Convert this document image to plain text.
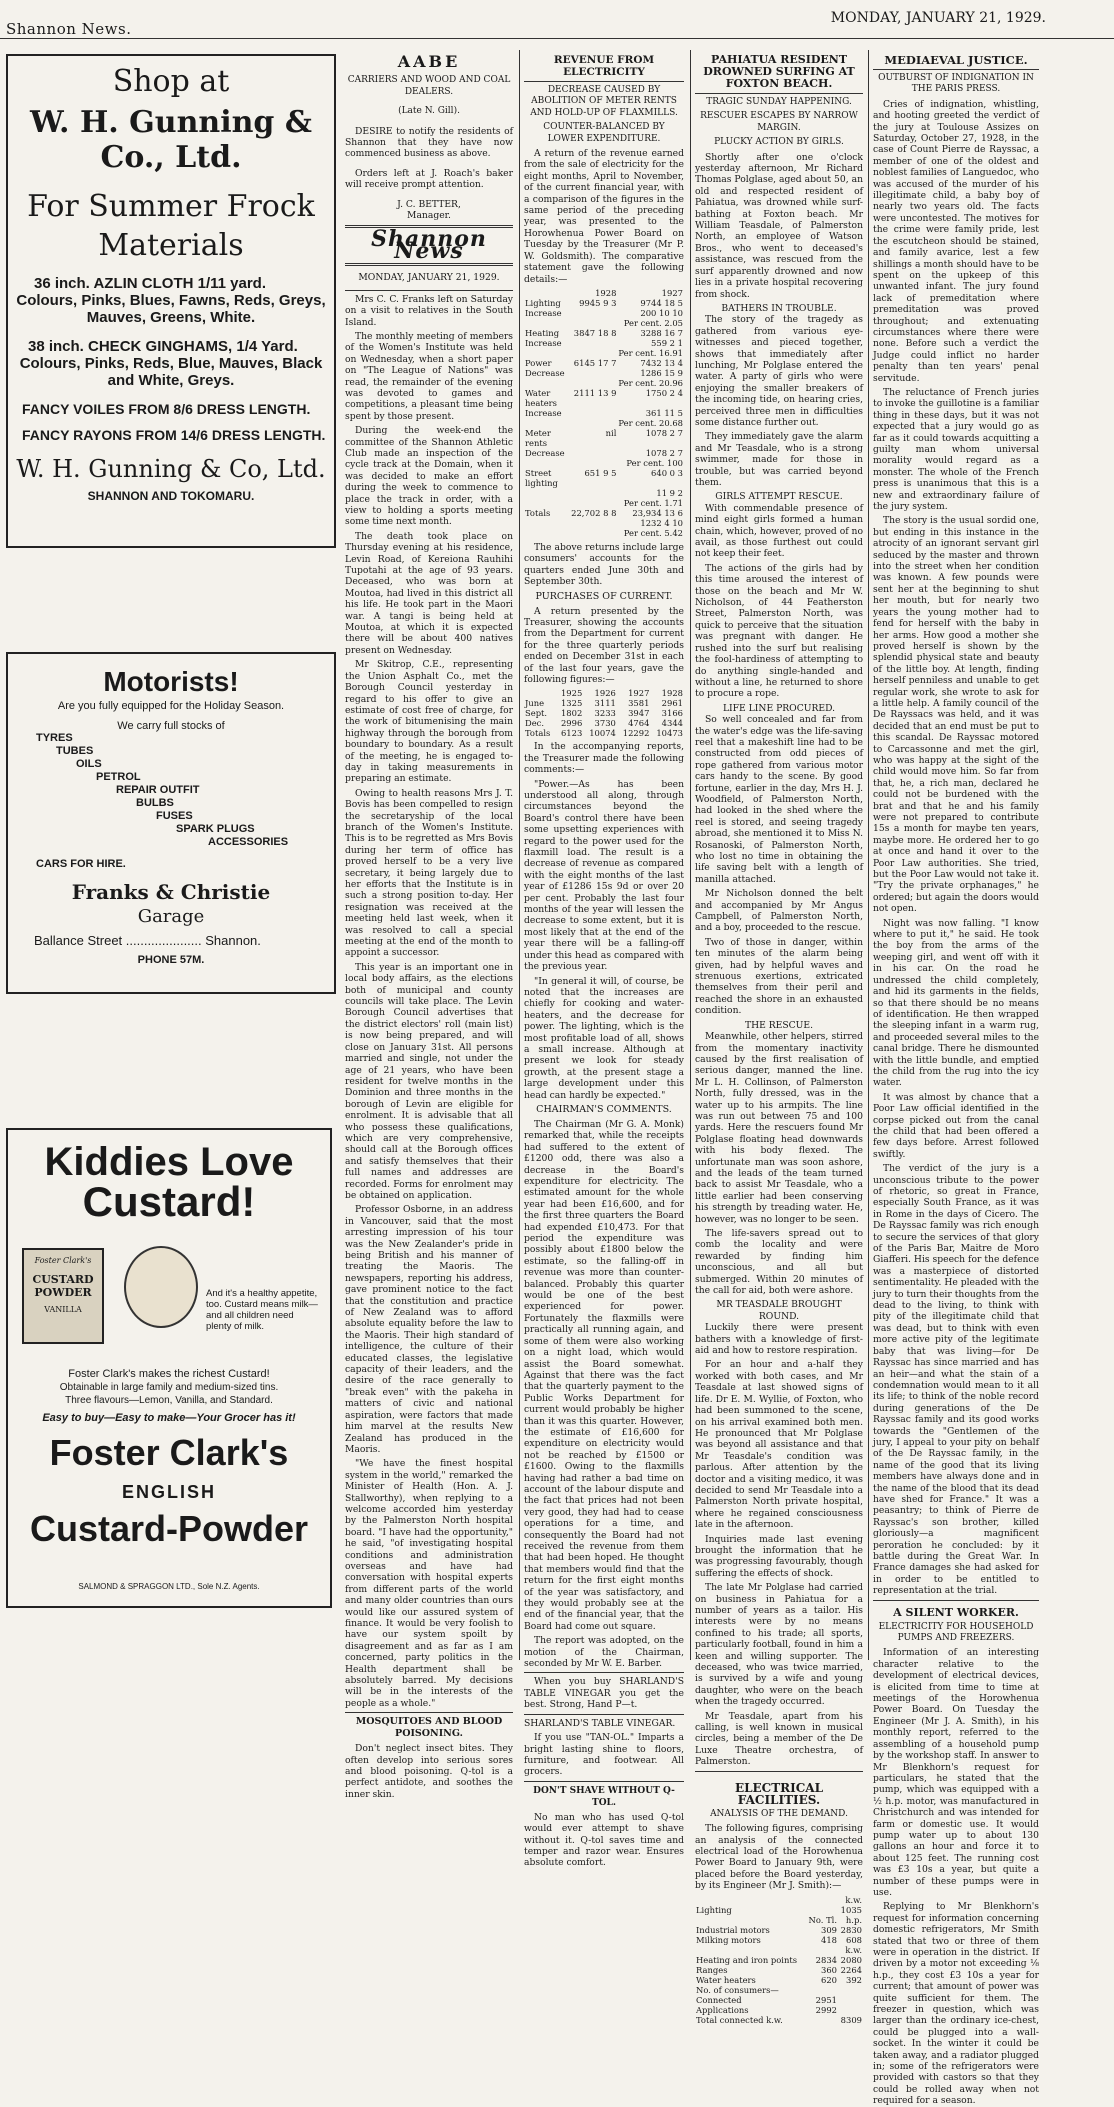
Shannon News.
MONDAY, JANUARY 21, 1929.
Shop at
W. H. Gunning & Co., Ltd.
For Summer Frock
Materials
36 inch. AZLIN CLOTH 1/11 yard.
Colours, Pinks, Blues, Fawns, Reds, Greys,
Mauves, Greens, White.
38 inch. CHECK GINGHAMS, 1/4 Yard.
Colours, Pinks, Reds, Blue, Mauves, Black
and White, Greys.
FANCY VOILES FROM 8/6 DRESS LENGTH.
FANCY RAYONS FROM 14/6 DRESS LENGTH.
W. H. Gunning & Co, Ltd.
SHANNON AND TOKOMARU.
Motorists!
Are you fully equipped for the Holiday Season.
We carry full stocks of
TYRES
TUBES
OILS
PETROL
REPAIR OUTFIT
BULBS
FUSES
SPARK PLUGS
ACCESSORIES
CARS FOR HIRE.
Franks & Christie
Garage
Ballance Street ..................... Shannon.
PHONE 57M.
Kiddies Love
Custard!
Foster Clark's
CUSTARD
POWDER
VANILLA
And it's a healthy appetite, too. Custard means milk—and all children need plenty of milk.
Foster Clark's makes the richest Custard!
Obtainable in large family and medium-sized tins.
Three flavours—Lemon, Vanilla, and Standard.
Easy to buy—Easy to make—Your Grocer has it!
Foster Clark's
ENGLISH
Custard-Powder
SALMOND & SPRAGGON LTD., Sole N.Z. Agents.
AABE
CARRIERS AND WOOD AND COAL DEALERS.
(Late N. Gill).

DESIRE to notify the residents of Shannon that they have now commenced business as above.

Orders left at J. Roach's baker will receive prompt attention.

J. C. BETTER,
Manager.
Shannon News
MONDAY, JANUARY 21, 1929.

Mrs C. C. Franks left on Saturday on a visit to relatives in the South Island.

The monthly meeting of members of the Women's Institute was held on Wednesday, when a short paper on "The League of Nations" was read, the remainder of the evening was devoted to games and competitions, a pleasant time being spent by those present.

During the week-end the committee of the Shannon Athletic Club made an inspection of the cycle track at the Domain, when it was decided to make an effort during the week to commence to place the track in order, with a view to holding a sports meeting some time next month.

The death took place on Thursday evening at his residence, Levin Road, of Kereiona Rauhihi Tupotahi at the age of 93 years. Deceased, who was born at Moutoa, had lived in this district all his life. He took part in the Maori war. A tangi is being held at Moutoa, at which it is expected there will be about 400 natives present on Wednesday.

Mr Skitrop, C.E., representing the Union Asphalt Co., met the Borough Council yesterday in regard to his offer to give an estimate of cost free of charge, for the work of bitumenising the main highway through the borough from boundary to boundary. As a result of the meeting, he is engaged to-day in taking measurements in preparing an estimate.

Owing to health reasons Mrs J. T. Bovis has been compelled to resign the secretaryship of the local branch of the Women's Institute. This is to be regretted as Mrs Bovis during her term of office has proved herself to be a very live secretary, it being largely due to her efforts that the Institute is in such a strong position to-day. Her resignation was received at the meeting held last week, when it was resolved to call a special meeting at the end of the month to appoint a successor.

This year is an important one in local body affairs, as the elections both of municipal and county councils will take place. The Levin Borough Council advertises that the district electors' roll (main list) is now being prepared, and will close on January 31st. All persons married and single, not under the age of 21 years, who have been resident for twelve months in the Dominion and three months in the borough of Levin are eligible for enrolment. It is advisable that all who possess these qualifications, which are very comprehensive, should call at the Borough offices and satisfy themselves that their full names and addresses are recorded. Forms for enrolment may be obtained on application.

Professor Osborne, in an address in Vancouver, said that the most arresting impression of his tour was the New Zealander's pride in being British and his manner of treating the Maoris. The newspapers, reporting his address, gave prominent notice to the fact that the constitution and practice of New Zealand was to afford absolute equality before the law to the Maoris. Their high standard of intelligence, the culture of their educated classes, the legislative capacity of their leaders, and the desire of the race generally to "break even" with the pakeha in matters of civic and national aspiration, were factors that made him marvel at the results New Zealand has produced in the Maoris.

"We have the finest hospital system in the world," remarked the Minister of Health (Hon. A. J. Stallworthy), when replying to a welcome accorded him yesterday by the Palmerston North hospital board. "I have had the opportunity," he said, "of investigating hospital conditions and administration overseas and have had conversation with hospital experts from different parts of the world and many older countries than ours would like our assured system of finance. It would be very foolish to have our system spoilt by disagreement and as far as I am concerned, party politics in the Health department shall be absolutely barred. My decisions will be in the interests of the people as a whole."

MOSQUITOES AND BLOOD POISONING.

Don't neglect insect bites. They often develop into serious sores and blood poisoning. Q-tol is a perfect antidote, and soothes the inner skin.

REVENUE FROM ELECTRICITY
DECREASE CAUSED BY ABOLITION OF METER RENTS AND HOLD-UP OF FLAXMILLS.
COUNTER-BALANCED BY LOWER EXPENDITURE.

A return of the revenue earned from the sale of electricity for the eight months, April to November, of the current financial year, with a comparison of the figures in the same period of the preceding year, was presented to the Horowhenua Power Board on Tuesday by the Treasurer (Mr P. W. Goldsmith). The comparative statement gave the following details:—

	1928	1927
Lighting	9945 9 3	9744 18 5
Increase		200 10 10
		Per cent. 2.05
Heating	3847 18 8	3288 16 7
Increase		559 2 1
		Per cent. 16.91
Power	6145 17 7	7432 13 4
Decrease		1286 15 9
		Per cent. 20.96
Water heaters	2111 13 9	1750 2 4
Increase		361 11 5
		Per cent. 20.68
Meter rents	nil	1078 2 7
Decrease		1078 2 7
		Per cent. 100
Street lighting	651 9 5	640 0 3
		11 9 2
		Per cent. 1.71
Totals	22,702 8 8	23,934 13 6
		1232 4 10
		Per cent. 5.42

The above returns include large consumers' accounts for the quarters ended June 30th and September 30th.

PURCHASES OF CURRENT.

A return presented by the Treasurer, showing the accounts from the Department for current for the three quarterly periods ended on December 31st in each of the last four years, gave the following figures:—

	1925	1926	1927	1928
June	1325	3111	3581	2961
Sept.	1802	3233	3947	3166
Dec.	2996	3730	4764	4344
Totals	6123	10074	12292	10473

In the accompanying reports, the Treasurer made the following comments:—

"Power.—As has been understood all along, through circumstances beyond the Board's control there have been some upsetting experiences with regard to the power used for the flaxmill load. The result is a decrease of revenue as compared with the eight months of the last year of £1286 15s 9d or over 20 per cent. Probably the last four months of the year will lessen the decrease to some extent, but it is most likely that at the end of the year there will be a falling-off under this head as compared with the previous year.

"In general it will, of course, be noted that the increases are chiefly for cooking and water-heaters, and the decrease for power. The lighting, which is the most profitable load of all, shows a small increase. Although at present we look for steady growth, at the present stage a large development under this head can hardly be expected."

CHAIRMAN'S COMMENTS.

The Chairman (Mr G. A. Monk) remarked that, while the receipts had suffered to the extent of £1200 odd, there was also a decrease in the Board's expenditure for electricity. The estimated amount for the whole year had been £16,600, and for the first three quarters the Board had expended £10,473. For that period the expenditure was possibly about £1800 below the estimate, so the falling-off in revenue was more than counter-balanced. Probably this quarter would be one of the best experienced for power. Fortunately the flaxmills were practically all running again, and some of them were also working on a night load, which would assist the Board somewhat. Against that there was the fact that the quarterly payment to the Public Works Department for current would probably be higher than it was this quarter. However, the estimate of £16,600 for expenditure on electricity would not be reached by £1500 or £1600. Owing to the flaxmills having had rather a bad time on account of the labour dispute and the fact that prices had not been very good, they had had to cease operations for a time, and consequently the Board had not received the revenue from them that had been hoped. He thought that members would find that the return for the first eight months of the year was satisfactory, and they would probably see at the end of the financial year, that the Board had come out square.

The report was adopted, on the motion of the Chairman, seconded by Mr W. E. Barber.

When you buy SHARLAND'S TABLE VINEGAR you get the best. Strong, Hand P—t.

SHARLAND'S TABLE VINEGAR.

If you use "TAN-OL." Imparts a bright lasting shine to floors, furniture, and footwear. All grocers.

DON'T SHAVE WITHOUT Q-TOL.

No man who has used Q-tol would ever attempt to shave without it. Q-tol saves time and temper and razor wear. Ensures absolute comfort.

PAHIATUA RESIDENT DROWNED SURFING AT FOXTON BEACH.
TRAGIC SUNDAY HAPPENING.
RESCUER ESCAPES BY NARROW MARGIN.
PLUCKY ACTION BY GIRLS.

Shortly after one o'clock yesterday afternoon, Mr Richard Thomas Polglase, aged about 50, an old and respected resident of Pahiatua, was drowned while surf-bathing at Foxton beach. Mr William Teasdale, of Palmerston North, an employee of Watson Bros., who went to deceased's assistance, was rescued from the surf apparently drowned and now lies in a private hospital recovering from shock.

BATHERS IN TROUBLE.

The story of the tragedy as gathered from various eye-witnesses and pieced together, shows that immediately after lunching, Mr Polglase entered the water. A party of girls who were enjoying the smaller breakers of the incoming tide, on hearing cries, perceived three men in difficulties some distance further out.

They immediately gave the alarm and Mr Teasdale, who is a strong swimmer, made for those in trouble, but was carried beyond them.

GIRLS ATTEMPT RESCUE.

With commendable presence of mind eight girls formed a human chain, which, however, proved of no avail, as those furthest out could not keep their feet.

The actions of the girls had by this time aroused the interest of those on the beach and Mr W. Nicholson, of 44 Featherston Street, Palmerston North, was quick to perceive that the situation was pregnant with danger. He rushed into the surf but realising the fool-hardiness of attempting to do anything single-handed and without a line, he returned to shore to procure a rope.

LIFE LINE PROCURED.

So well concealed and far from the water's edge was the life-saving reel that a makeshift line had to be constructed from odd pieces of rope gathered from various motor cars handy to the scene. By good fortune, earlier in the day, Mrs H. J. Woodfield, of Palmerston North, had looked in the shed where the reel is stored, and seeing tragedy abroad, she mentioned it to Miss N. Rosanoski, of Palmerston North, who lost no time in obtaining the life saving belt with a length of manilla attached.

Mr Nicholson donned the belt and accompanied by Mr Angus Campbell, of Palmerston North, and a boy, proceeded to the rescue.

Two of those in danger, within ten minutes of the alarm being given, had by helpful waves and strenuous exertions, extricated themselves from their peril and reached the shore in an exhausted condition.

THE RESCUE.

Meanwhile, other helpers, stirred from the momentary inactivity caused by the first realisation of serious danger, manned the line. Mr L. H. Collinson, of Palmerston North, fully dressed, was in the water up to his armpits. The line was run out between 75 and 100 yards. Here the rescuers found Mr Polglase floating head downwards with his body flexed. The unfortunate man was soon ashore, and the leads of the team turned back to assist Mr Teasdale, who a little earlier had been conserving his strength by treading water. He, however, was no longer to be seen.

The life-savers spread out to comb the locality and were rewarded by finding him unconscious, and all but submerged. Within 20 minutes of the call for aid, both were ashore.

MR TEASDALE BROUGHT ROUND.

Luckily there were present bathers with a knowledge of first-aid and how to restore respiration.

For an hour and a-half they worked with both cases, and Mr Teasdale at last showed signs of life. Dr E. M. Wyllie, of Foxton, who had been summoned to the scene, on his arrival examined both men. He pronounced that Mr Polglase was beyond all assistance and that Mr Teasdale's condition was parlous. After attention by the doctor and a visiting medico, it was decided to send Mr Teasdale into a Palmerston North private hospital, where he regained consciousness late in the afternoon.

Inquiries made last evening brought the information that he was progressing favourably, though suffering the effects of shock.

The late Mr Polglase had carried on business in Pahiatua for a number of years as a tailor. His interests were by no means confined to his trade; all sports, particularly football, found in him a keen and willing supporter. The deceased, who was twice married, is survived by a wife and young daughter, who were on the beach when the tragedy occurred.

Mr Teasdale, apart from his calling, is well known in musical circles, being a member of the De Luxe Theatre orchestra, of Palmerston.

ELECTRICAL FACILITIES.
ANALYSIS OF THE DEMAND.

The following figures, comprising an analysis of the connected electrical load of the Horowhenua Power Board to January 9th, were placed before the Board yesterday, by its Engineer (Mr J. Smith):—

		k.w.
Lighting		1035
	No. Tl.	h.p.
Industrial motors	309	2830
Milking motors	418	608
		k.w.
Heating and iron points	2834	2080
Ranges	360	2264
Water heaters	620	392
No. of consumers—		
Connected	2951	
Applications	2992	
Total connected k.w.		8309
MEDIAEVAL JUSTICE.
OUTBURST OF INDIGNATION IN THE PARIS PRESS.

Cries of indignation, whistling, and hooting greeted the verdict of the jury at Toulouse Assizes on Saturday, October 27, 1928, in the case of Count Pierre de Rayssac, a member of one of the oldest and noblest families of Languedoc, who was accused of the murder of his illegitimate child, a baby boy of nearly two years old. The facts were uncontested. The motives for the crime were family pride, lest the escutcheon should be stained, and family avarice, lest a few shillings a month should have to be spent on the upkeep of this unwanted infant. The jury found lack of premeditation where premeditation was proved throughout; and extenuating circumstances where there were none. Before such a verdict the Judge could inflict no harder penalty than ten years' penal servitude.

The reluctance of French juries to invoke the guillotine is a familiar thing in these days, but it was not expected that a jury would go as far as it could towards acquitting a guilty man whom universal morality would regard as a monster. The whole of the French press is unanimous that this is a new and extraordinary failure of the jury system.

The story is the usual sordid one, but ending in this instance in the atrocity of an ignorant servant girl seduced by the master and thrown into the street when her condition was known. A few pounds were sent her at the beginning to shut her mouth, but for nearly two years the young mother had to fend for herself with the baby in her arms. How good a mother she proved herself is shown by the splendid physical state and beauty of the little boy. At length, finding herself penniless and unable to get regular work, she wrote to ask for a little help. A family council of the De Rayssacs was held, and it was decided that an end must be put to this scandal. De Rayssac motored to Carcassonne and met the girl, who was happy at the sight of the child would move him. So far from that, he, a rich man, declared he could not be burdened with the brat and that he and his family were not prepared to contribute 15s a month for maybe ten years, maybe more. He ordered her to go at once and hand it over to the Poor Law authorities. She tried, but the Poor Law would not take it. "Try the private orphanages," he ordered; but again the doors would not open.

Night was now falling. "I know where to put it," he said. He took the boy from the arms of the weeping girl, and went off with it in his car. On the road he undressed the child completely, and hid its garments in the fields, so that there should be no means of identification. He then wrapped the sleeping infant in a warm rug, and proceeded several miles to the canal bridge. There he dismounted with the little bundle, and emptied the child from the rug into the icy water.

It was almost by chance that a Poor Law official identified in the corpse picked out from the canal the child that had been offered a few days before. Arrest followed swiftly.

The verdict of the jury is a unconscious tribute to the power of rhetoric, so great in France, especially South France, as it was in Rome in the days of Cicero. The De Rayssac family was rich enough to secure the services of that glory of the Paris Bar, Maitre de Moro Giafferi. His speech for the defence was a masterpiece of distorted sentimentality. He pleaded with the jury to turn their thoughts from the dead to the living, to think with pity of the illegitimate child that was dead, but to think with even more active pity of the legitimate baby that was living—for De Rayssac has since married and has an heir—and what the stain of a condemnation would mean to it all its life; to think of the noble record during generations of the De Rayssac family and its good works towards the "Gentlemen of the jury, I appeal to your pity on behalf of the De Rayssac family, in the name of the good that its living members have always done and in the name of the blood that its dead have shed for France." It was a peasantry; to think of Pierre de Rayssac's son brother, killed gloriously—a magnificent peroration he concluded: by it battle during the Great War. In France damages she had asked for in order to be entitled to representation at the trial.

A SILENT WORKER.
ELECTRICITY FOR HOUSEHOLD PUMPS AND FREEZERS.

Information of an interesting character relative to the development of electrical devices, is elicited from time to time at meetings of the Horowhenua Power Board. On Tuesday the Engineer (Mr J. A. Smith), in his monthly report, referred to the assembling of a household pump by the workshop staff. In answer to Mr Blenkhorn's request for particulars, he stated that the pump, which was equipped with a ½ h.p. motor, was manufactured in Christchurch and was intended for farm or domestic use. It would pump water up to about 130 gallons an hour and force it to about 125 feet. The running cost was £3 10s a year, but quite a number of these pumps were in use.

Replying to Mr Blenkhorn's request for information concerning domestic refrigerators, Mr Smith stated that two or three of them were in operation in the district. If driven by a motor not exceeding ⅛ h.p., they cost £3 10s a year for current; that amount of power was quite sufficient for them. The freezer in question, which was larger than the ordinary ice-chest, could be plugged into a wall-socket. In the winter it could be taken away, and a radiator plugged in; some of the refrigerators were provided with castors so that they could be rolled away when not required for a season.
